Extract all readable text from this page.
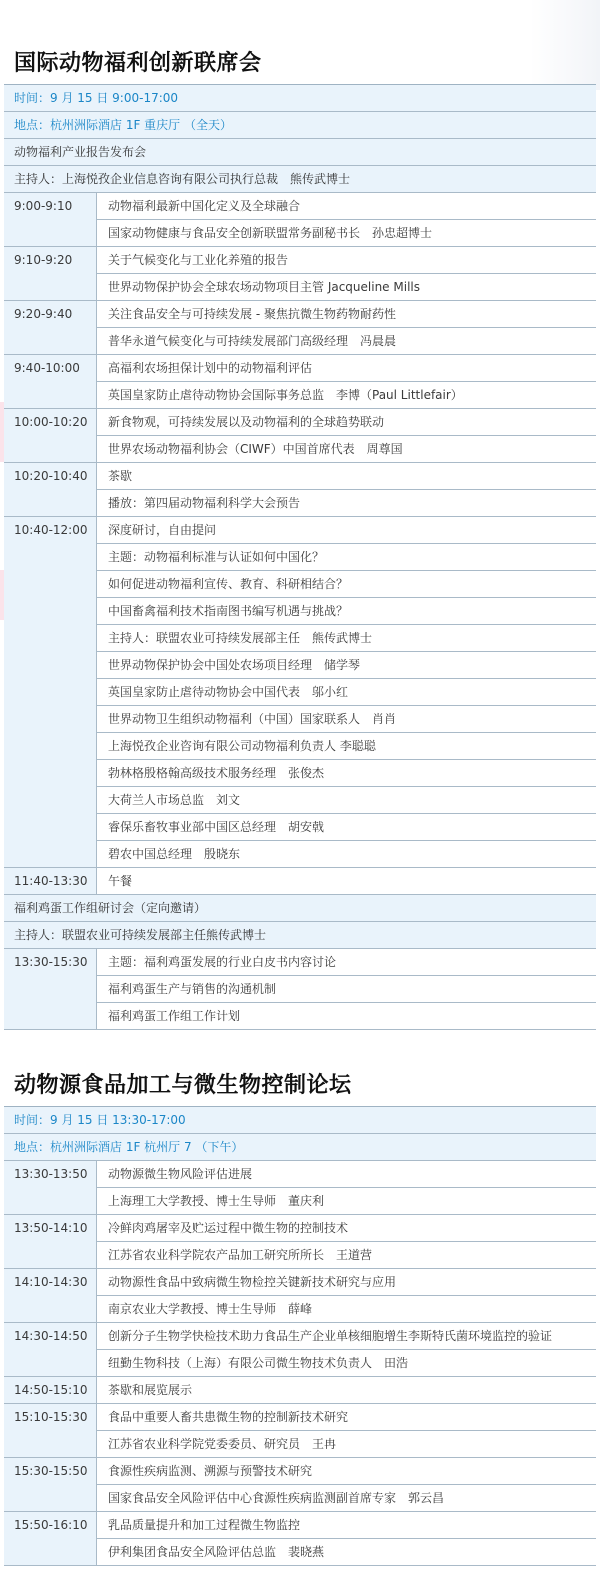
国际动物福利创新联席会
时间：9 月 15 日 9:00-17:00
地点：杭州洲际酒店 1F 重庆厅 （全天）
动物福利产业报告发布会
主持人：上海悦孜企业信息咨询有限公司执行总裁　熊传武博士
9:00-9:10	动物福利最新中国化定义及全球融合
国家动物健康与食品安全创新联盟常务副秘书长　孙忠超博士
9:10-9:20	关于气候变化与工业化养殖的报告
世界动物保护协会全球农场动物项目主管 Jacqueline Mills
9:20-9:40	关注食品安全与可持续发展 - 聚焦抗微生物药物耐药性
普华永道气候变化与可持续发展部门高级经理　冯晨晨
9:40-10:00	高福利农场担保计划中的动物福利评估
英国皇家防止虐待动物协会国际事务总监　李博（Paul Littlefair）
10:00-10:20	新食物观，可持续发展以及动物福利的全球趋势联动
世界农场动物福利协会（CIWF）中国首席代表　周尊国
10:20-10:40	茶歇
播放：第四届动物福利科学大会预告
10:40-12:00	深度研讨，自由提问
主题：动物福利标准与认证如何中国化？
如何促进动物福利宣传、教育、科研相结合？
中国畜禽福利技术指南图书编写机遇与挑战？
主持人：联盟农业可持续发展部主任　熊传武博士
世界动物保护协会中国处农场项目经理　储学琴
英国皇家防止虐待动物协会中国代表　邬小红
世界动物卫生组织动物福利（中国）国家联系人　肖肖
上海悦孜企业咨询有限公司动物福利负责人 李聪聪
勃林格殷格翰高级技术服务经理　张俊杰
大荷兰人市场总监　刘文
睿保乐畜牧事业部中国区总经理　胡安戟
碧农中国总经理　殷晓东
11:40-13:30	午餐
福利鸡蛋工作组研讨会（定向邀请）
主持人：联盟农业可持续发展部主任熊传武博士
13:30-15:30	主题：福利鸡蛋发展的行业白皮书内容讨论
福利鸡蛋生产与销售的沟通机制
福利鸡蛋工作组工作计划
动物源食品加工与微生物控制论坛
时间：9 月 15 日 13:30-17:00
地点：杭州洲际酒店 1F 杭州厅 7 （下午）
13:30-13:50	动物源微生物风险评估进展
上海理工大学教授、博士生导师　董庆利
13:50-14:10	冷鲜肉鸡屠宰及贮运过程中微生物的控制技术
江苏省农业科学院农产品加工研究所所长　王道营
14:10-14:30	动物源性食品中致病微生物检控关键新技术研究与应用
南京农业大学教授、博士生导师　薛峰
14:30-14:50	创新分子生物学快检技术助力食品生产企业单核细胞增生李斯特氏菌环境监控的验证
纽勤生物科技（上海）有限公司微生物技术负责人　田浩
14:50-15:10	茶歇和展览展示
15:10-15:30	食品中重要人畜共患微生物的控制新技术研究
江苏省农业科学院党委委员、研究员　王冉
15:30-15:50	食源性疾病监测、溯源与预警技术研究
国家食品安全风险评估中心食源性疾病监测副首席专家　郭云昌
15:50-16:10	乳品质量提升和加工过程微生物监控
伊利集团食品安全风险评估总监　裴晓燕
